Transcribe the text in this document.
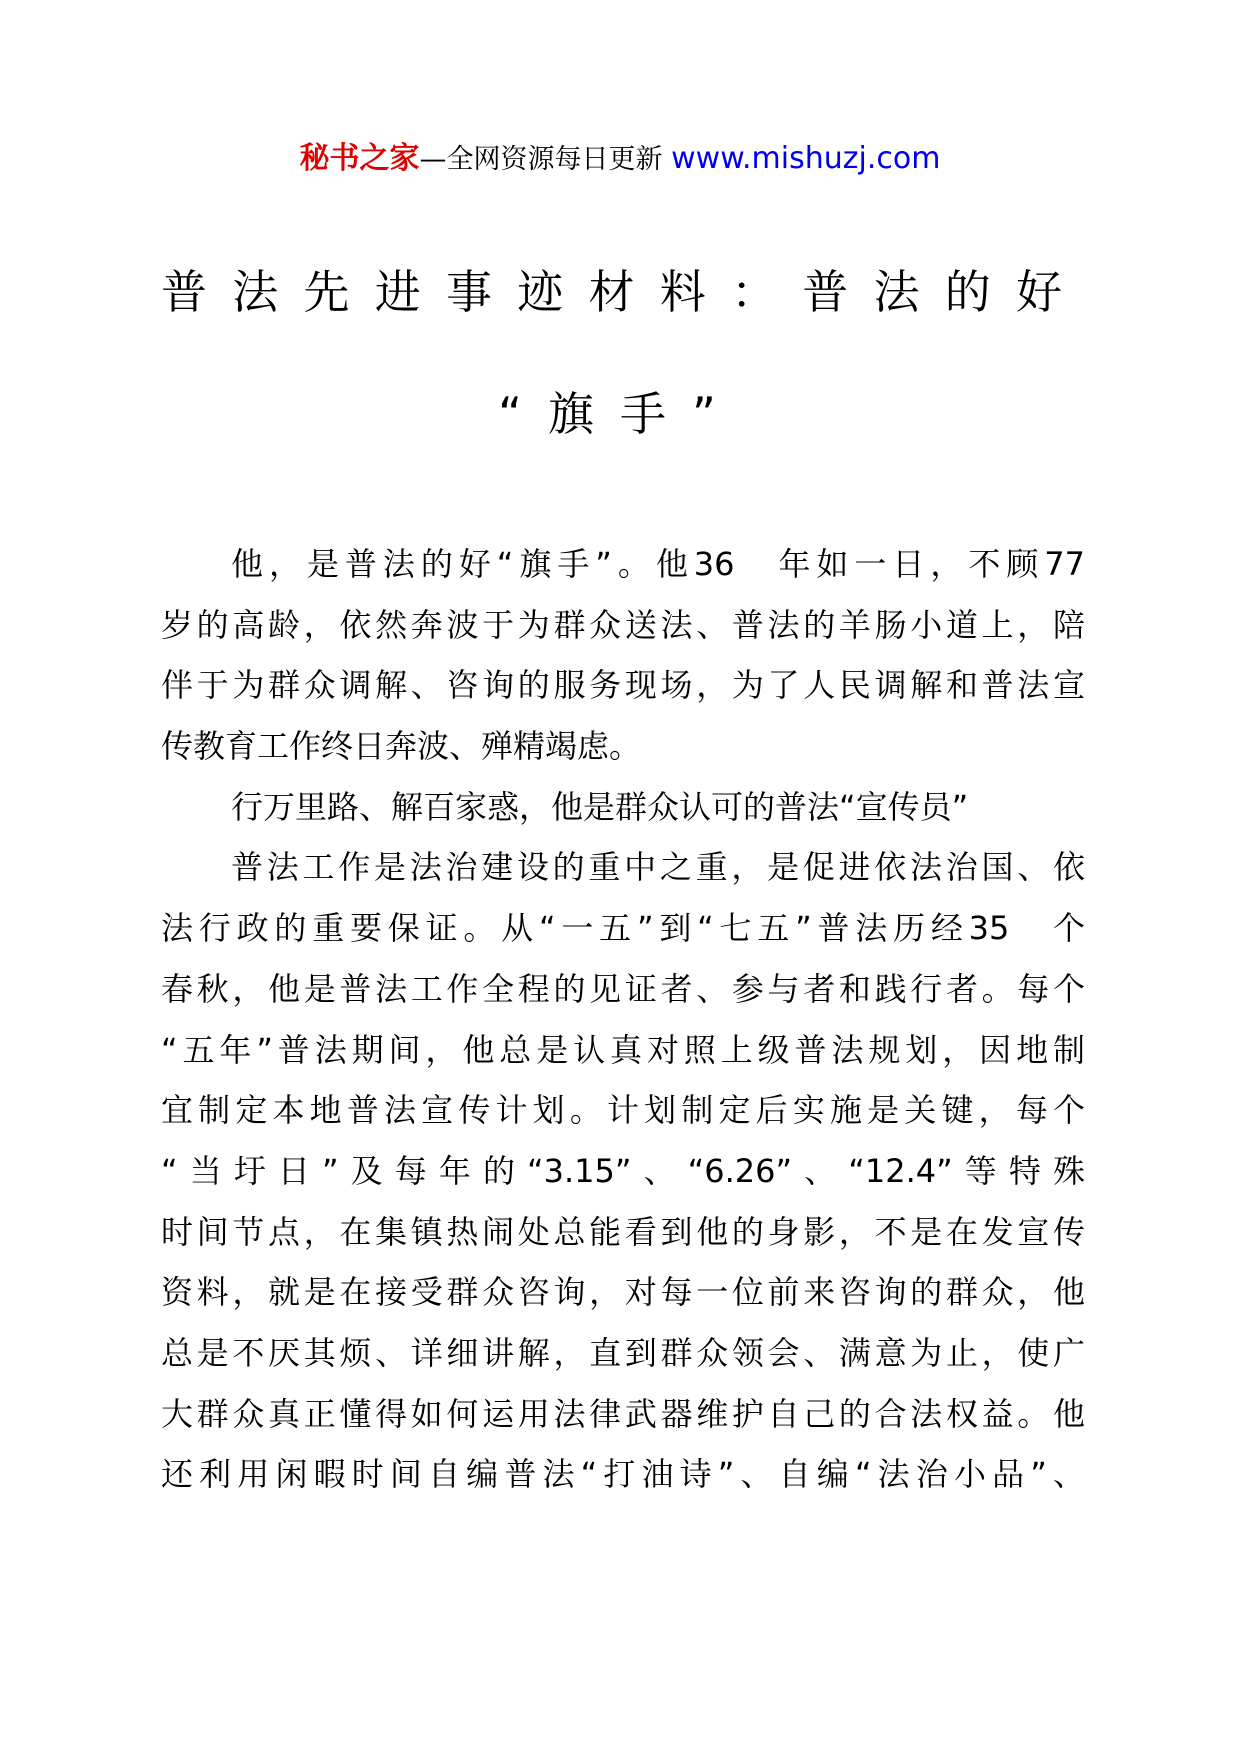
秘书之家—全网资源每日更新 www.mishuzj.com
普 法 先 进 事 迹 材 料 ： 普 法 的 好
“旗手”
他，是普法的好“旗手”。他36　年如一日，不顾77
岁的高龄，依然奔波于为群众送法、普法的羊肠小道上，陪
伴于为群众调解、咨询的服务现场，为了人民调解和普法宣
传教育工作终日奔波、殚精竭虑。
行万里路、解百家惑，他是群众认可的普法“宣传员”
普法工作是法治建设的重中之重，是促进依法治国、依
法行政的重要保证。从“一五”到“七五”普法历经35　个
春秋，他是普法工作全程的见证者、参与者和践行者。每个
“五年”普法期间，他总是认真对照上级普法规划，因地制
宜制定本地普法宣传计划。计划制定后实施是关键，每个
“当圩日”及每年的“3.15”、“6.26”、“12.4”等特殊
时间节点，在集镇热闹处总能看到他的身影，不是在发宣传
资料，就是在接受群众咨询，对每一位前来咨询的群众，他
总是不厌其烦、详细讲解，直到群众领会、满意为止，使广
大群众真正懂得如何运用法律武器维护自己的合法权益。他
还利用闲暇时间自编普法“打油诗”、自编“法治小品”、
